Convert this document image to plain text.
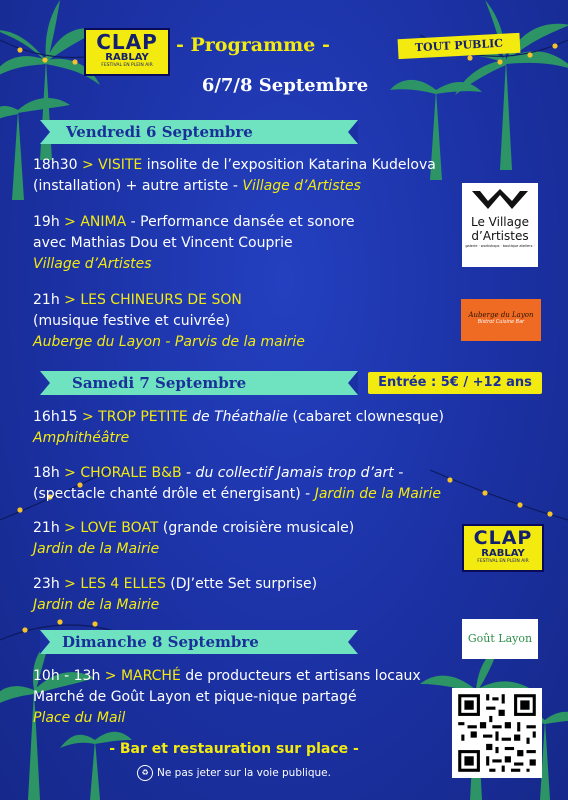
CLAP
RABLAY
FESTIVAL EN PLEIN AIR
- Programme -	TOUT PUBLIC
6/7/8 Septembre
Vendredi 6 Septembre
18h30 > VISITE insolite de l’exposition Katarina Kudelova
(installation) + autre artiste - Village d’Artistes
19h > ANIMA - Performance dansée et sonore
avec Mathias Dou et Vincent Couprie
Village d’Artistes
21h > LES CHINEURS DE SON
(musique festive et cuivrée)
Auberge du Layon - Parvis de la mairie
Le Village
d’Artistes
galerie · workshops · boutique ateliers ·
Auberge du Layon
Bistrot Cuisine Bar
Samedi 7 Septembre	Entrée : 5€ / +12 ans
16h15 > TROP PETITE de Théathalie (cabaret clownesque)
Amphithéâtre
18h > CHORALE B&B - du collectif Jamais trop d’art -
(spectacle chanté drôle et énergisant) - Jardin de la Mairie
21h > LOVE BOAT (grande croisière musicale)
Jardin de la Mairie
23h > LES 4 ELLES (DJ’ette Set surprise)
Jardin de la Mairie
CLAP
RABLAY
FESTIVAL EN PLEIN AIR
Dimanche 8 Septembre	Goût Layon
10h - 13h > MARCHÉ de producteurs et artisans locaux
Marché de Goût Layon et pique-nique partagé
Place du Mail
- Bar et restauration sur place -
♻ Ne pas jeter sur la voie publique.
